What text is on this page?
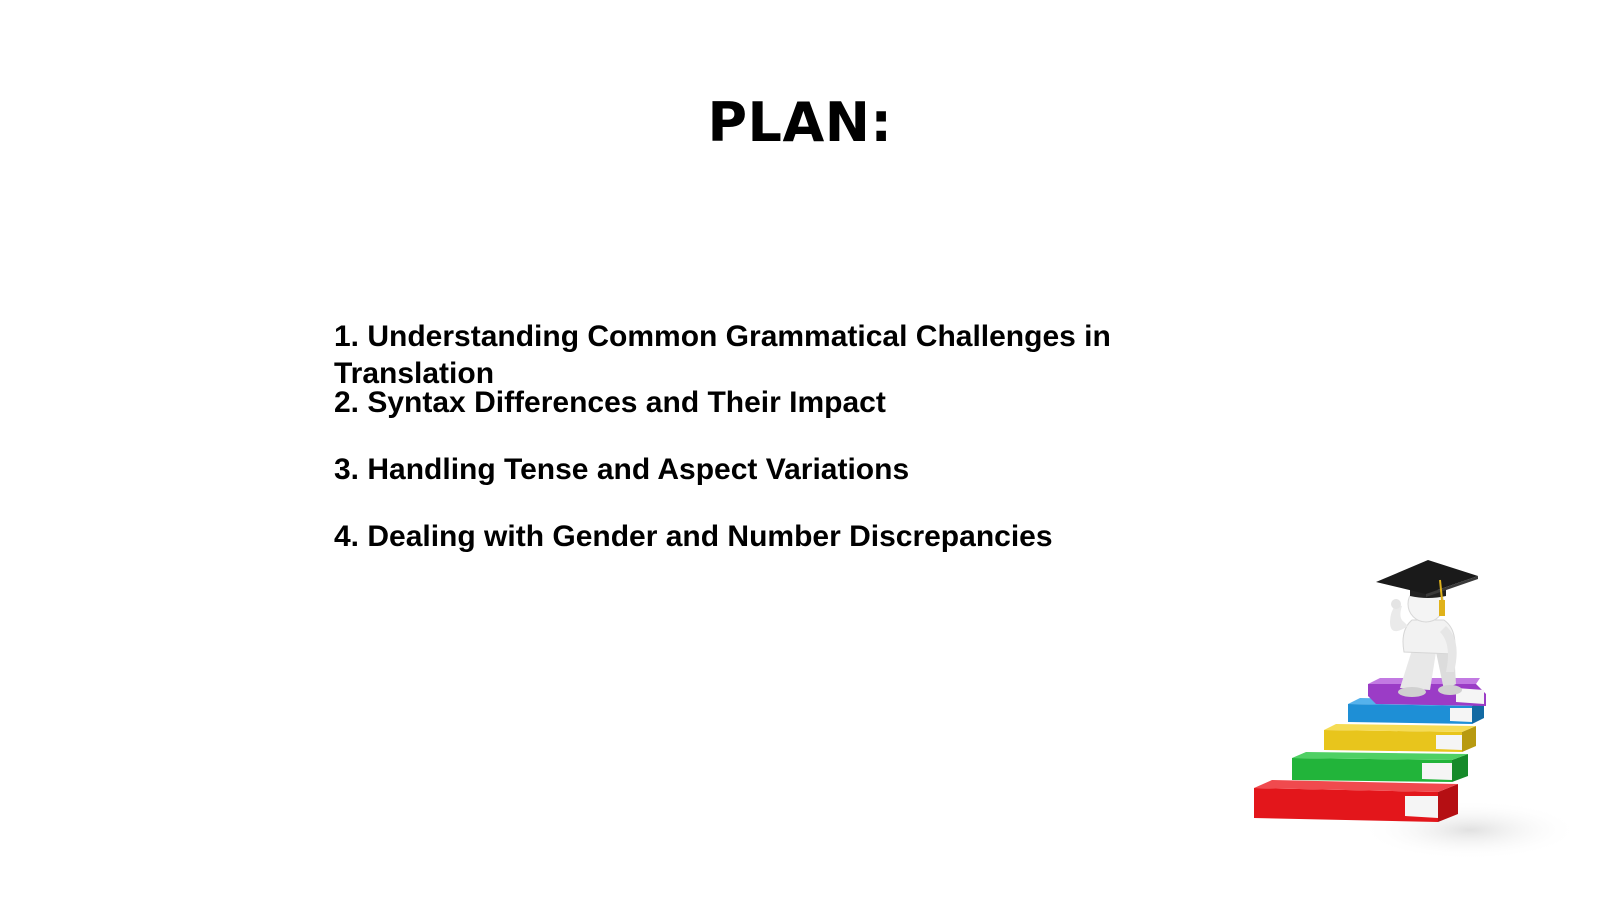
PLAN:
1. Understanding Common Grammatical Challenges in Translation
2. Syntax Differences and Their Impact
3. Handling Tense and Aspect Variations
4. Dealing with Gender and Number Discrepancies
